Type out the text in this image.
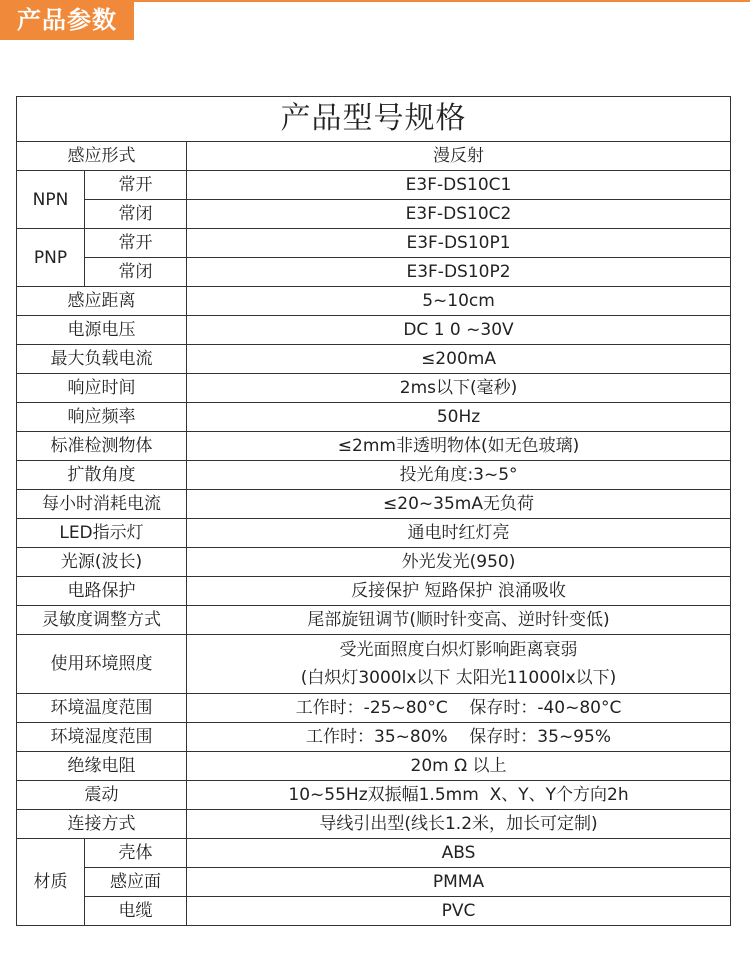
产品参数
产品型号规格		
感应形式		漫反射
NPN	常开	E3F-DS10C1
	常闭	E3F-DS10C2
PNP	常开	E3F-DS10P1
	常闭	E3F-DS10P2
感应距离		5~10cm
电源电压		DC 1 0 ~30V
最大负载电流		≤200mA
响应时间		2ms以下(毫秒)
响应频率		50Hz
标准检测物体		≤2mm非透明物体(如无色玻璃)
扩散角度		投光角度:3~5°
每小时消耗电流		≤20~35mA无负荷
LED指示灯		通电时红灯亮
光源(波长)		外光发光(950)
电路保护		反接保护 短路保护 浪涌吸收
灵敏度调整方式		尾部旋钮调节(顺时针变高、逆时针变低)
使用环境照度		受光面照度白炽灯影响距离衰弱
(白炽灯3000lx以下 太阳光11000lx以下)

环境温度范围		工作时：-25~80°C    保存时：-40~80°C
环境湿度范围		工作时：35~80%    保存时：35~95%
绝缘电阻		20m Ω 以上
震动		10~55Hz双振幅1.5mm  X、Y、Y个方向2h
连接方式		导线引出型(线长1.2米，加长可定制)
材质	壳体	ABS
	感应面	PMMA
	电缆	PVC
